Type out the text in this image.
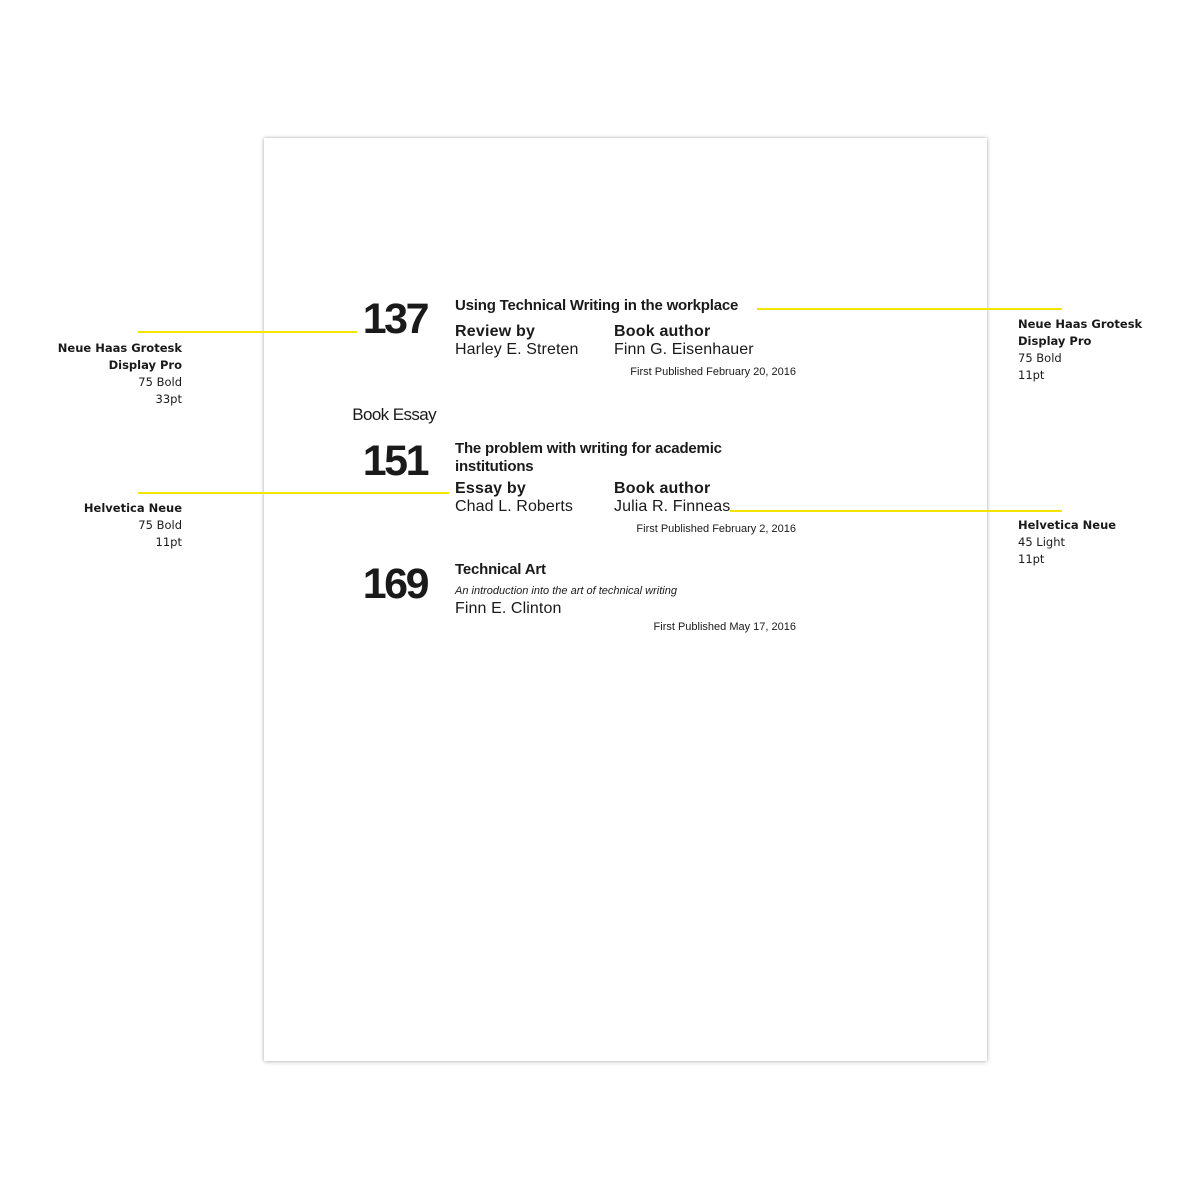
137 Using Technical Writing in the workplace
Review by
Harley E. Streten
Book author
Finn G. Eisenhauer
First Published February 20, 2016
Book Essay
151 The problem with writing for academic
institutions
Essay by
Chad L. Roberts
Book author
Julia R. Finneas
First Published February 2, 2016
169 Technical Art
An introduction into the art of technical writing
Finn E. Clinton
First Published May 17, 2016
Neue Haas Grotesk
Display Pro
75 Bold
33pt
Helvetica Neue
75 Bold
11pt
Neue Haas Grotesk
Display Pro
75 Bold
11pt
Helvetica Neue
45 Light
11pt
